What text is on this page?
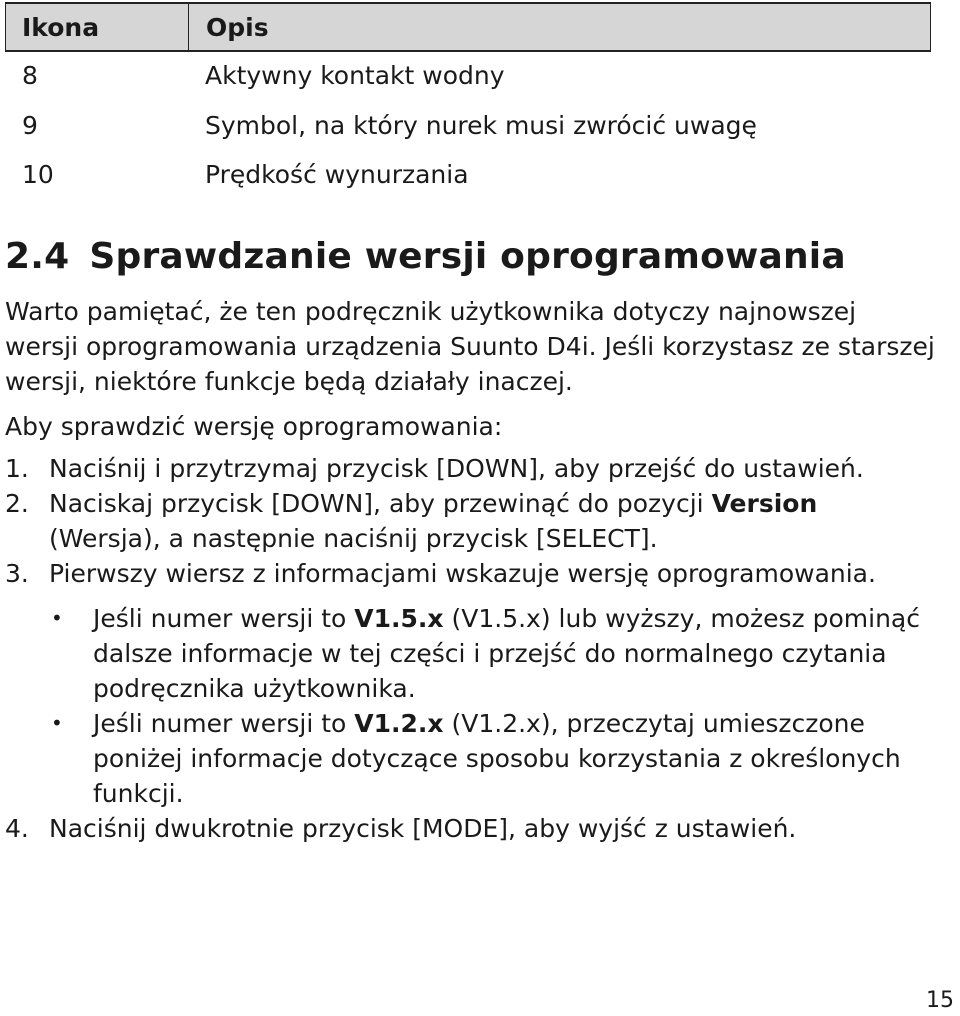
Ikona	Opis
8	Aktywny kontakt wodny
9	Symbol, na który nurek musi zwrócić uwagę
10	Prędkość wynurzania
2.4 Sprawdzanie wersji oprogramowania
Warto pamiętać, że ten podręcznik użytkownika dotyczy najnowszej wersji oprogramowania urządzenia Suunto D4i. Jeśli korzystasz ze starszej wersji, niektóre funkcje będą działały inaczej.
Aby sprawdzić wersję oprogramowania:
1. Naciśnij i przytrzymaj przycisk [DOWN], aby przejść do ustawień.
2. Naciskaj przycisk [DOWN], aby przewinąć do pozycji Version (Wersja), a następnie naciśnij przycisk [SELECT].
3. Pierwszy wiersz z informacjami wskazuje wersję oprogramowania.
• Jeśli numer wersji to V1.5.x (V1.5.x) lub wyższy, możesz pominąć dalsze informacje w tej części i przejść do normalnego czytania podręcznika użytkownika.
• Jeśli numer wersji to V1.2.x (V1.2.x), przeczytaj umieszczone poniżej informacje dotyczące sposobu korzystania z określonych funkcji.
4. Naciśnij dwukrotnie przycisk [MODE], aby wyjść z ustawień.
15
